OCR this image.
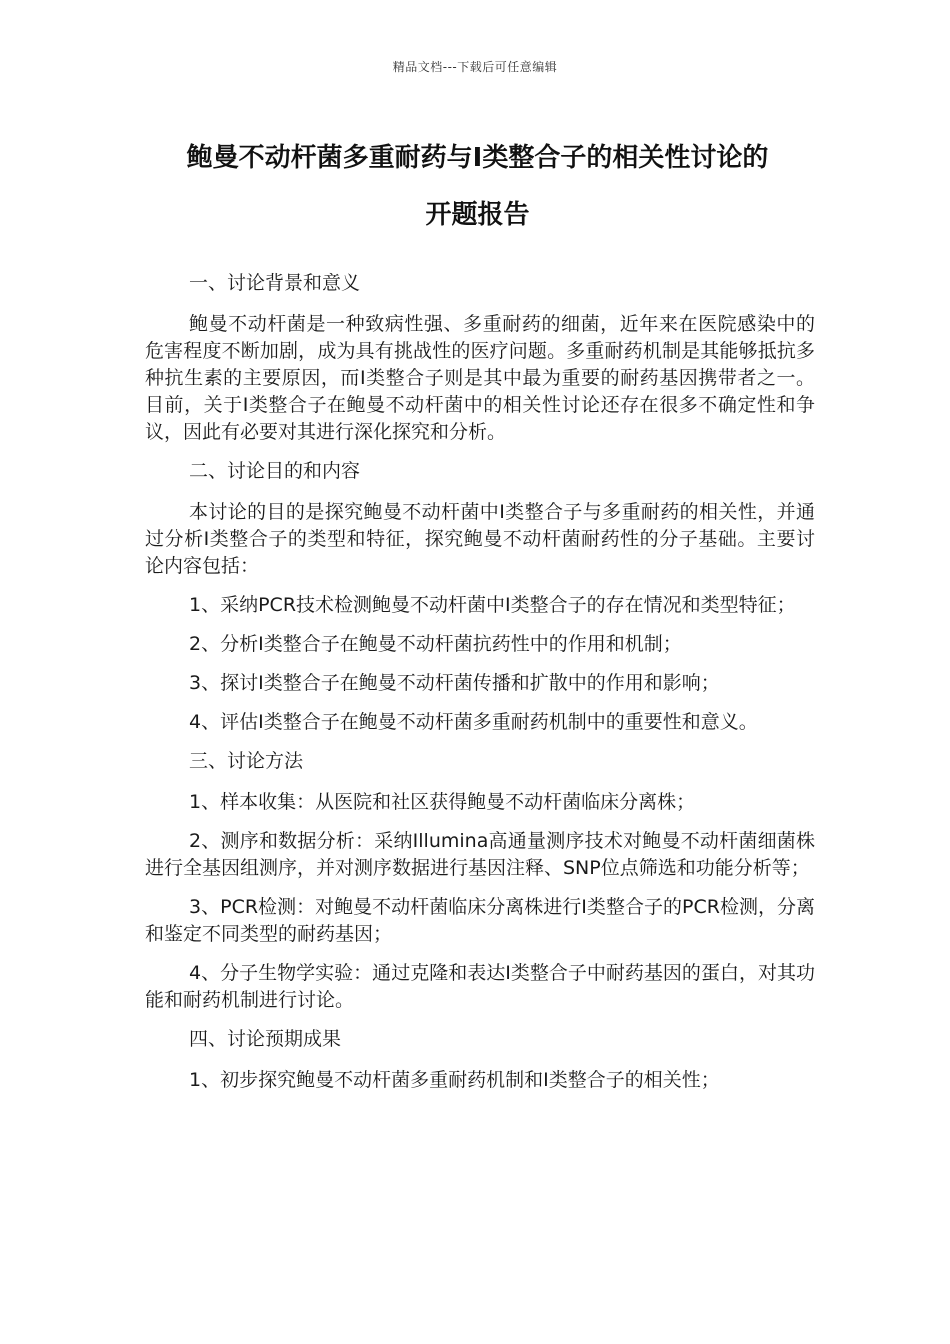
精品文档---下载后可任意编辑
鲍曼不动杆菌多重耐药与Ⅰ类整合子的相关性讨论的
开题报告

一、讨论背景和意义

鲍曼不动杆菌是一种致病性强、多重耐药的细菌，近年来在医院感染中的危害程度不断加剧，成为具有挑战性的医疗问题。多重耐药机制是其能够抵抗多种抗生素的主要原因，而Ⅰ类整合子则是其中最为重要的耐药基因携带者之一。目前，关于Ⅰ类整合子在鲍曼不动杆菌中的相关性讨论还存在很多不确定性和争议，因此有必要对其进行深化探究和分析。

二、讨论目的和内容

本讨论的目的是探究鲍曼不动杆菌中Ⅰ类整合子与多重耐药的相关性，并通过分析Ⅰ类整合子的类型和特征，探究鲍曼不动杆菌耐药性的分子基础。主要讨论内容包括：

1、采纳PCR技术检测鲍曼不动杆菌中Ⅰ类整合子的存在情况和类型特征；

2、分析Ⅰ类整合子在鲍曼不动杆菌抗药性中的作用和机制；

3、探讨Ⅰ类整合子在鲍曼不动杆菌传播和扩散中的作用和影响；

4、评估Ⅰ类整合子在鲍曼不动杆菌多重耐药机制中的重要性和意义。

三、讨论方法

1、样本收集：从医院和社区获得鲍曼不动杆菌临床分离株；

2、测序和数据分析：采纳Illumina高通量测序技术对鲍曼不动杆菌细菌株进行全基因组测序，并对测序数据进行基因注释、SNP位点筛选和功能分析等；

3、PCR检测：对鲍曼不动杆菌临床分离株进行Ⅰ类整合子的PCR检测，分离和鉴定不同类型的耐药基因；

4、分子生物学实验：通过克隆和表达Ⅰ类整合子中耐药基因的蛋白，对其功能和耐药机制进行讨论。

四、讨论预期成果

1、初步探究鲍曼不动杆菌多重耐药机制和Ⅰ类整合子的相关性；
